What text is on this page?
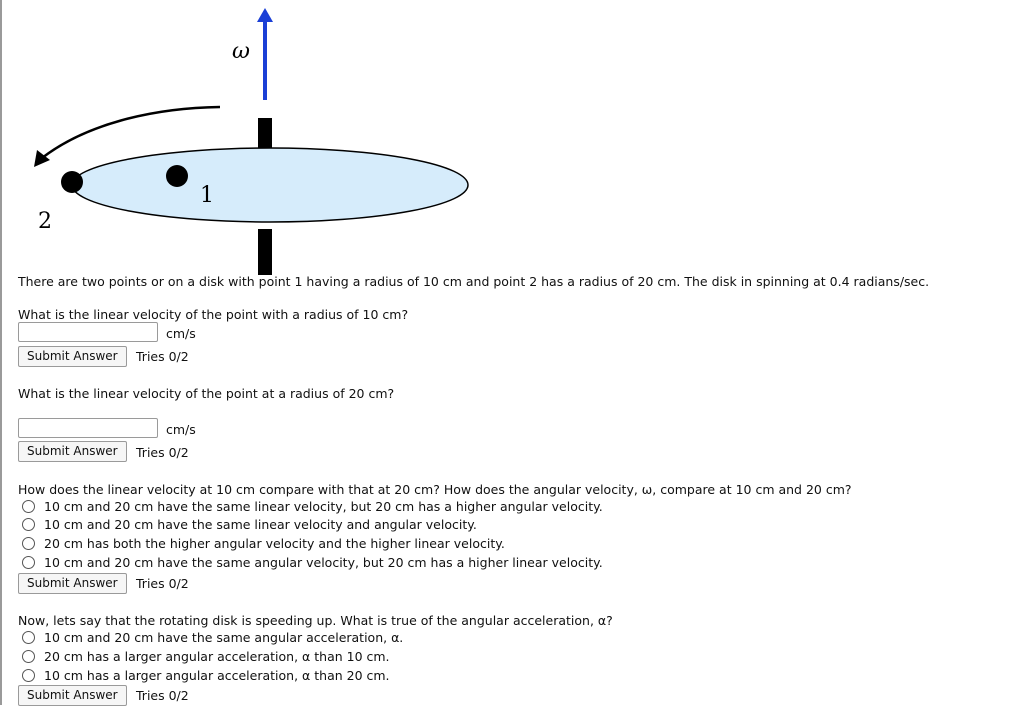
ω
1
2
There are two points or on a disk with point 1 having a radius of 10 cm and point 2 has a radius of 20 cm. The disk in spinning at 0.4 radians/sec.
What is the linear velocity of the point with a radius of 10 cm?
cm/s
Submit Answer	Tries 0/2
What is the linear velocity of the point at a radius of 20 cm?
cm/s
Submit Answer	Tries 0/2
How does the linear velocity at 10 cm compare with that at 20 cm? How does the angular velocity, ω, compare at 10 cm and 20 cm?
10 cm and 20 cm have the same linear velocity, but 20 cm has a higher angular velocity.
10 cm and 20 cm have the same linear velocity and angular velocity.
20 cm has both the higher angular velocity and the higher linear velocity.
10 cm and 20 cm have the same angular velocity, but 20 cm has a higher linear velocity.
Submit Answer	Tries 0/2
Now, lets say that the rotating disk is speeding up. What is true of the angular acceleration, α?
10 cm and 20 cm have the same angular acceleration, α.
20 cm has a larger angular acceleration, α than 10 cm.
10 cm has a larger angular acceleration, α than 20 cm.
Submit Answer	Tries 0/2
